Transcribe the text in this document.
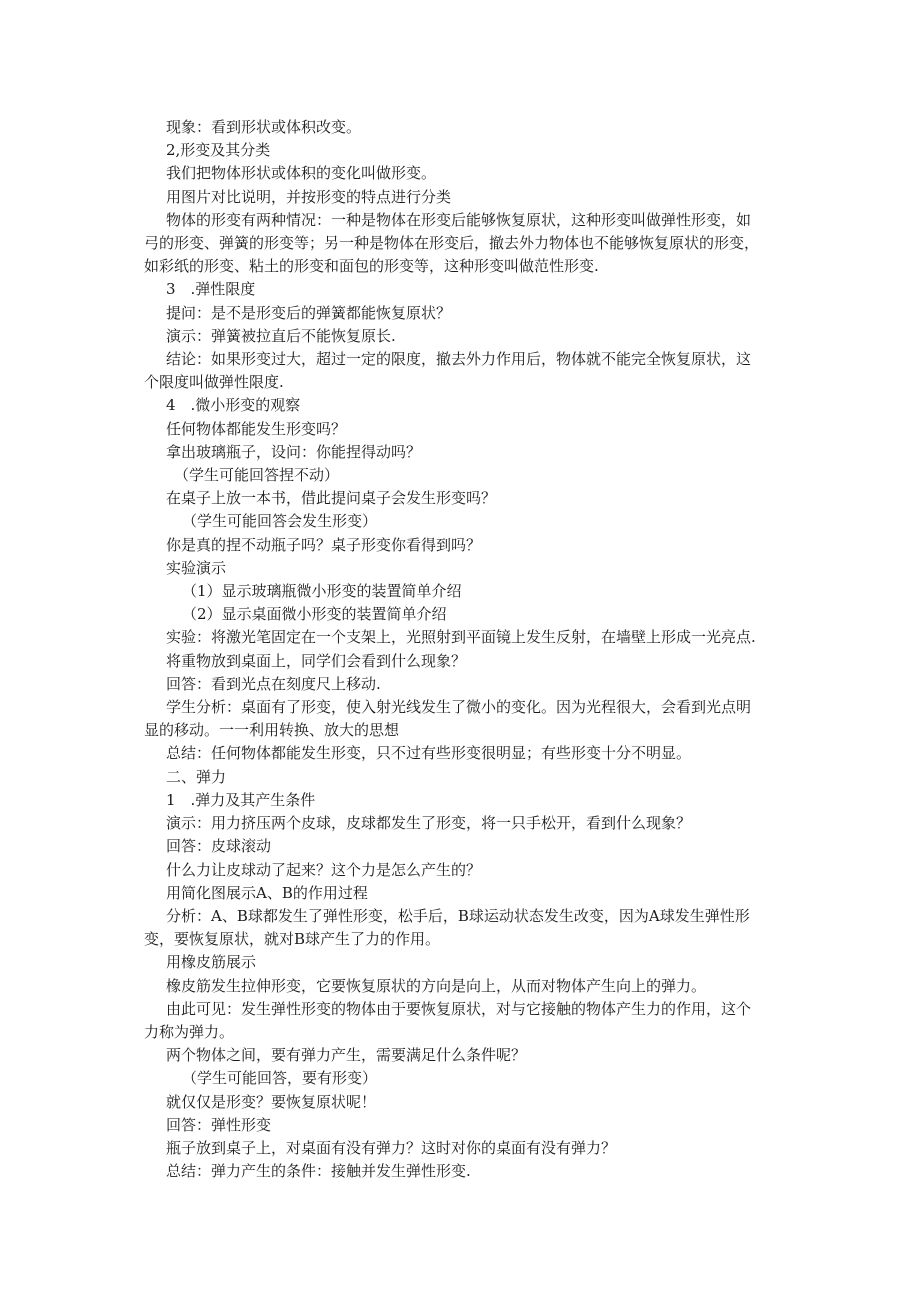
现象：看到形状或体积改变。

2,形变及其分类

我们把物体形状或体积的变化叫做形变。

用图片对比说明，并按形变的特点进行分类

物体的形变有两种情况：一种是物体在形变后能够恢复原状，这种形变叫做弹性形变，如

弓的形变、弹簧的形变等；另一种是物体在形变后，撤去外力物体也不能够恢复原状的形变，

如彩纸的形变、粘土的形变和面包的形变等，这种形变叫做范性形变.

3　.弹性限度

提问：是不是形变后的弹簧都能恢复原状？

演示：弹簧被拉直后不能恢复原长.

结论：如果形变过大，超过一定的限度，撤去外力作用后，物体就不能完全恢复原状，这

个限度叫做弹性限度.

4　.微小形变的观察

任何物体都能发生形变吗？

拿出玻璃瓶子，设问：你能捏得动吗？

（学生可能回答捏不动）

在桌子上放一本书，借此提问桌子会发生形变吗？

（学生可能回答会发生形变）

你是真的捏不动瓶子吗？桌子形变你看得到吗？

实验演示

（1）显示玻璃瓶微小形变的装置简单介绍

（2）显示桌面微小形变的装置简单介绍

实验：将激光笔固定在一个支架上，光照射到平面镜上发生反射，在墙壁上形成一光亮点.

将重物放到桌面上，同学们会看到什么现象？

回答：看到光点在刻度尺上移动.

学生分析：桌面有了形变，使入射光线发生了微小的变化。因为光程很大，会看到光点明

显的移动。一一利用转换、放大的思想

总结：任何物体都能发生形变，只不过有些形变很明显；有些形变十分不明显。

二、弹力

1　.弹力及其产生条件

演示：用力挤压两个皮球，皮球都发生了形变，将一只手松开，看到什么现象？

回答：皮球滚动

什么力让皮球动了起来？这个力是怎么产生的？

用简化图展示A、B的作用过程

分析：A、B球都发生了弹性形变，松手后，B球运动状态发生改变，因为A球发生弹性形

变，要恢复原状，就对B球产生了力的作用。

用橡皮筋展示

橡皮筋发生拉伸形变，它要恢复原状的方向是向上，从而对物体产生向上的弹力。

由此可见：发生弹性形变的物体由于要恢复原状，对与它接触的物体产生力的作用，这个

力称为弹力。

两个物体之间，要有弹力产生，需要满足什么条件呢？

（学生可能回答，要有形变）

就仅仅是形变？要恢复原状呢！

回答：弹性形变

瓶子放到桌子上，对桌面有没有弹力？这时对你的桌面有没有弹力？

总结：弹力产生的条件：接触并发生弹性形变.
